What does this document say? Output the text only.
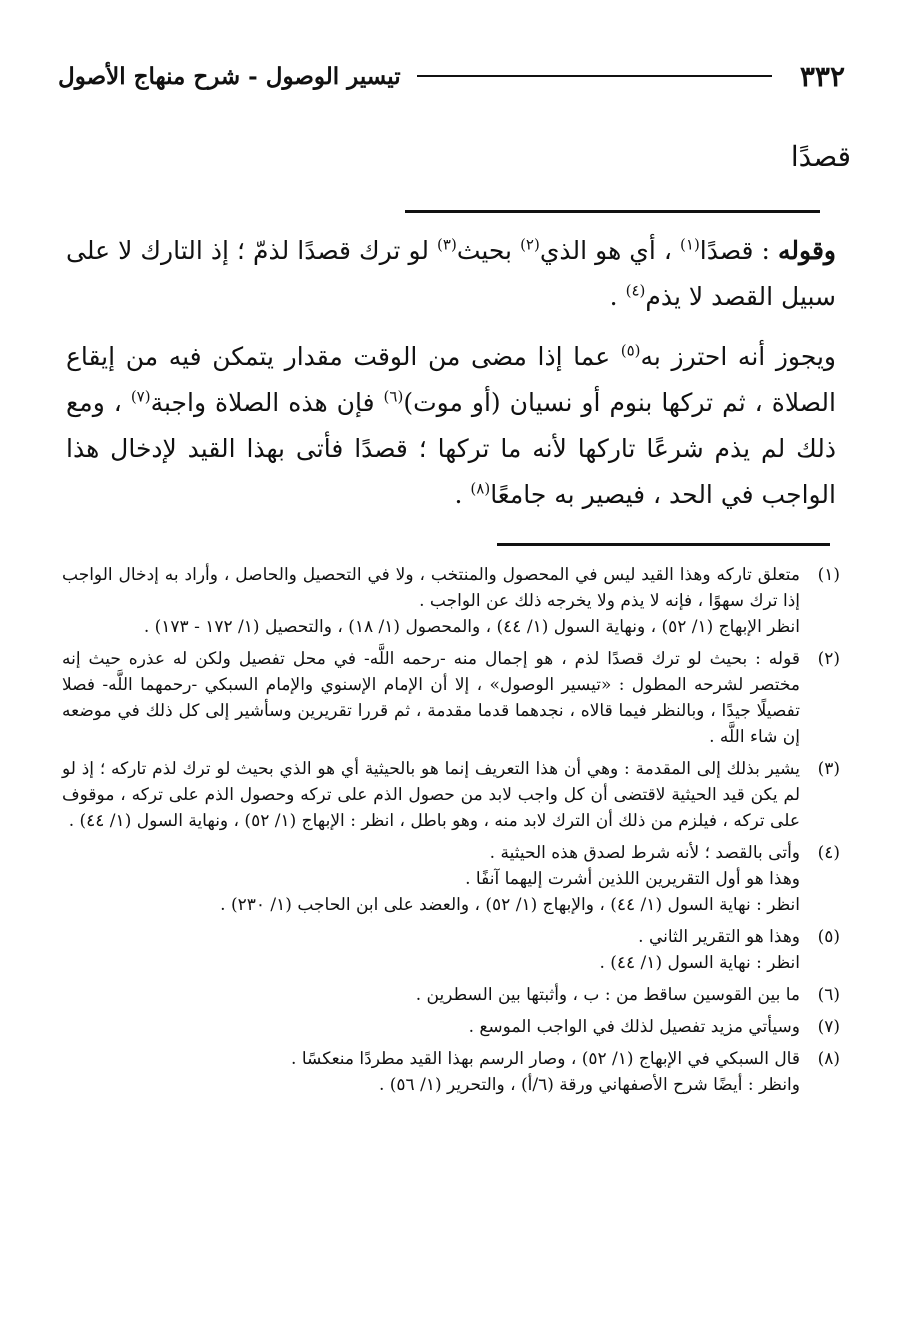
٣٣٢
تيسير الوصول - شرح منهاج الأصول
قصدًا

وقوله : قصدًا$^{(١)}$ ، أي هو الذي$^{(٢)}$ بحيث$^{(٣)}$ لو ترك قصدًا لذمّ ؛ إذ التارك لا على سبيل القصد لا يذم$^{(٤)}$ .

ويجوز أنه احترز به$^{(٥)}$ عما إذا مضى من الوقت مقدار يتمكن فيه من إيقاع الصلاة ، ثم تركها بنوم أو نسيان (أو موت)$^{(٦)}$ فإن هذه الصلاة واجبة$^{(٧)}$ ، ومع ذلك لم يذم شرعًا تاركها لأنه ما تركها ؛ قصدًا فأتى بهذا القيد لإدخال هذا الواجب في الحد ، فيصير به جامعًا$^{(٨)}$ .

(١)
متعلق تاركه وهذا القيد ليس في المحصول والمنتخب ، ولا في التحصيل والحاصل ، وأراد به إدخال الواجب إذا ترك سهوًا ، فإنه لا يذم ولا يخرجه ذلك عن الواجب .
انظر الإبهاج (١/ ٥٢) ، ونهاية السول (١/ ٤٤) ، والمحصول (١/ ١٨) ، والتحصيل (١/ ١٧٢ - ١٧٣) .
(٢)
قوله : بحيث لو ترك قصدًا لذم ، هو إجمال منه -رحمه اللَّه- في محل تفصيل ولكن له عذره حيث إنه مختصر لشرحه المطول : «تيسير الوصول» ، إلا أن الإمام الإسنوي والإمام السبكي -رحمهما اللَّه- فصلا تفصيلًا جيدًا ، وبالنظر فيما قالاه ، نجدهما قدما مقدمة ، ثم قررا تقريرين وسأشير إلى كل ذلك في موضعه إن شاء اللَّه .
(٣)
يشير بذلك إلى المقدمة : وهي أن هذا التعريف إنما هو بالحيثية أي هو الذي بحيث لو ترك لذم تاركه ؛ إذ لو لم يكن قيد الحيثية لاقتضى أن كل واجب لابد من حصول الذم على تركه وحصول الذم على تركه ، موقوف على تركه ، فيلزم من ذلك أن الترك لابد منه ، وهو باطل ، انظر : الإبهاج (١/ ٥٢) ، ونهاية السول (١/ ٤٤) .
(٤)
وأتى بالقصد ؛ لأنه شرط لصدق هذه الحيثية .
وهذا هو أول التقريرين اللذين أشرت إليهما آنفًا .
انظر : نهاية السول (١/ ٤٤) ، والإبهاج (١/ ٥٢) ، والعضد على ابن الحاجب (١/ ٢٣٠) .
(٥)
وهذا هو التقرير الثاني .
انظر : نهاية السول (١/ ٤٤) .
(٦)
ما بين القوسين ساقط من : ب ، وأثبتها بين السطرين .
(٧)
وسيأتي مزيد تفصيل لذلك في الواجب الموسع .
(٨)
قال السبكي في الإبهاج (١/ ٥٢) ، وصار الرسم بهذا القيد مطردًا منعكسًا .
وانظر : أيضًا شرح الأصفهاني ورقة (٦/أ) ، والتحرير (١/ ٥٦) .
